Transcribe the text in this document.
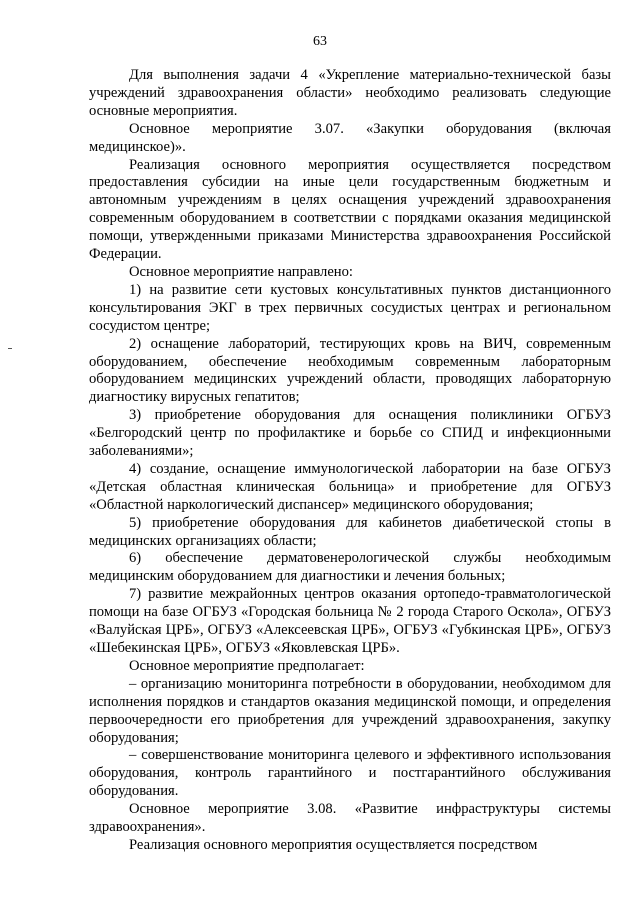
63

Для выполнения задачи 4 «Укрепление материально-технической базы учреждений здравоохранения области» необходимо реализовать следующие основные мероприятия.

Основное мероприятие 3.07. «Закупки оборудования (включая медицинское)».

Реализация основного мероприятия осуществляется посредством предоставления субсидии на иные цели государственным бюджетным и автономным учреждениям в целях оснащения учреждений здравоохранения современным оборудованием в соответствии с порядками оказания медицинской помощи, утвержденными приказами Министерства здравоохранения Российской Федерации.

Основное мероприятие направлено:

1) на развитие сети кустовых консультативных пунктов дистанционного консультирования ЭКГ в трех первичных сосудистых центрах и региональном сосудистом центре;

2) оснащение лабораторий, тестирующих кровь на ВИЧ, современным оборудованием, обеспечение необходимым современным лабораторным оборудованием медицинских учреждений области, проводящих лабораторную диагностику вирусных гепатитов;

3) приобретение оборудования для оснащения поликлиники ОГБУЗ «Белгородский центр по профилактике и борьбе со СПИД и инфекционными заболеваниями»;

4) создание, оснащение иммунологической лаборатории на базе ОГБУЗ «Детская областная клиническая больница» и приобретение для ОГБУЗ «Областной наркологический диспансер» медицинского оборудования;

5) приобретение оборудования для кабинетов диабетической стопы в медицинских организациях области;

6) обеспечение дерматовенерологической службы необходимым медицинским оборудованием для диагностики и лечения больных;

7) развитие межрайонных центров оказания ортопедо-травматологической помощи на базе ОГБУЗ «Городская больница № 2 города Старого Оскола», ОГБУЗ «Валуйская ЦРБ», ОГБУЗ «Алексеевская ЦРБ», ОГБУЗ «Губкинская ЦРБ», ОГБУЗ «Шебекинская ЦРБ», ОГБУЗ «Яковлевская ЦРБ».

Основное мероприятие предполагает:

– организацию мониторинга потребности в оборудовании, необходимом для исполнения порядков и стандартов оказания медицинской помощи, и определения первоочередности его приобретения для учреждений здравоохранения, закупку оборудования;

– совершенствование мониторинга целевого и эффективного использования оборудования, контроль гарантийного и постгарантийного обслуживания оборудования.

Основное мероприятие 3.08. «Развитие инфраструктуры системы здравоохранения».

Реализация основного мероприятия осуществляется посредством
